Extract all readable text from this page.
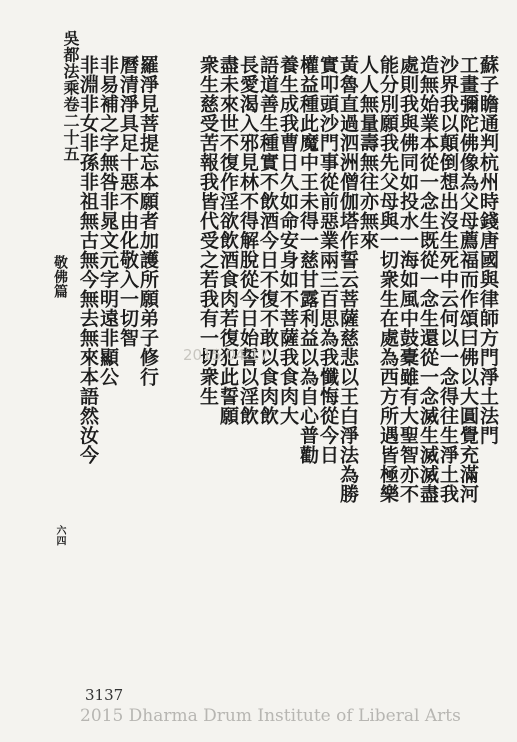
吳都法乘卷二十五
敬佛篇
六四
蘇子瞻通判杭州時錢唐國與律師方門淨土法門
工畫彌陀佛像為父母薦福而作頌曰佛以大圓覺充滿河
沙界我以顛倒想出沒生死中云何以一念得往生淨土我
造無始業本從一念生既從一念生還從一念滅生滅滅盡
處則我與佛同如投水一海如風中鼓橐雖有大聖智亦不
能分別願我先父母與一切衆生在處為西方所遇皆極樂
人人無量壽無往亦無來
黃魯直過泗洲僧伽塔作誓云菩薩慈悲以王白淨法為勝
實叩頭沙門事從前惡業兩三百思為我懺悔從今日
權益種此魔中王未得一慈甘露利益以為自心普勸
養生成我曹日久如命安身如不菩薩我食肉大
語道善生種實不飲酒今日不復不敢以食肉飲
長愛渴入邪見林不得解脫從今日始誓以淫飲
盡未來世不復作淫欲飲酒食肉若復犯此誓願
衆生慈受苦報我皆代受之若我有一切衆生
羅淨見菩提忘本願者加護所願弟子修行
曆清淨具足十惡不由化敬入一切智
非易補之字無咎非晁文元字明遠非顯公
非淵非女非孫非祖無古無今無去無來本語然汝今	2015.04.17
3137
2015 Dharma Drum Institute of Liberal Arts
